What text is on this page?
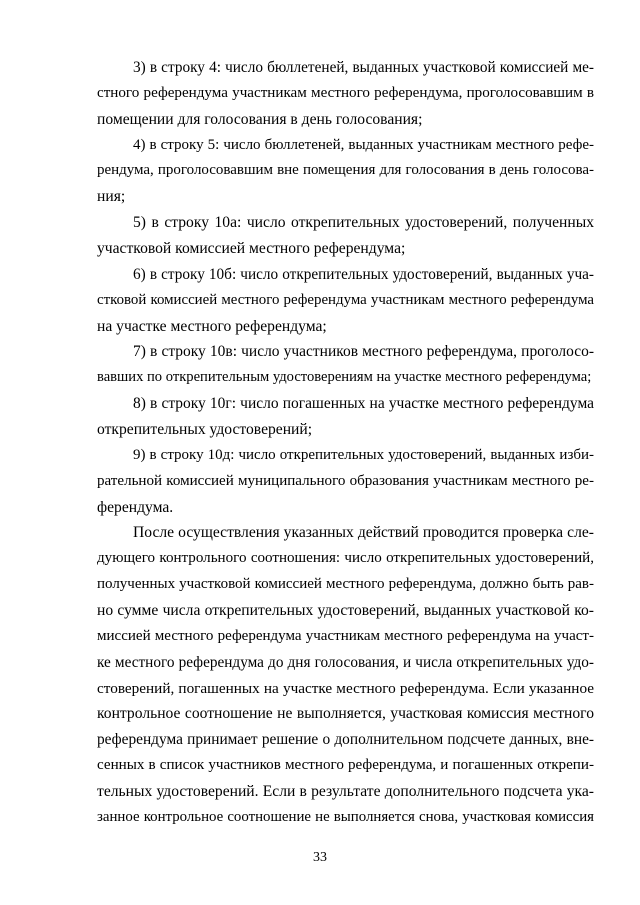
3) в строку 4: число бюллетеней, выданных участковой комиссией ме-
стного референдума участникам местного референдума, проголосовавшим в
помещении для голосования в день голосования;
4) в строку 5: число бюллетеней, выданных участникам местного рефе-
рендума, проголосовавшим вне помещения для голосования в день голосова-
ния;
5) в строку 10а: число открепительных удостоверений, полученных
участковой комиссией местного референдума;
6) в строку 10б: число открепительных удостоверений, выданных уча-
стковой комиссией местного референдума участникам местного референдума
на участке местного референдума;
7) в строку 10в: число участников местного референдума, проголосо-
вавших по открепительным удостоверениям на участке местного референдума;
8) в строку 10г: число погашенных на участке местного референдума
открепительных удостоверений;
9) в строку 10д: число открепительных удостоверений, выданных изби-
рательной комиссией муниципального образования участникам местного ре-
ферендума.
После осуществления указанных действий проводится проверка сле-
дующего контрольного соотношения: число открепительных удостоверений,
полученных участковой комиссией местного референдума, должно быть рав-
но сумме числа открепительных удостоверений, выданных участковой ко-
миссией местного референдума участникам местного референдума на участ-
ке местного референдума до дня голосования, и числа открепительных удо-
стоверений, погашенных на участке местного референдума. Если указанное
контрольное соотношение не выполняется, участковая комиссия местного
референдума принимает решение о дополнительном подсчете данных, вне-
сенных в список участников местного референдума, и погашенных открепи-
тельных удостоверений. Если в результате дополнительного подсчета ука-
занное контрольное соотношение не выполняется снова, участковая комиссия
33
